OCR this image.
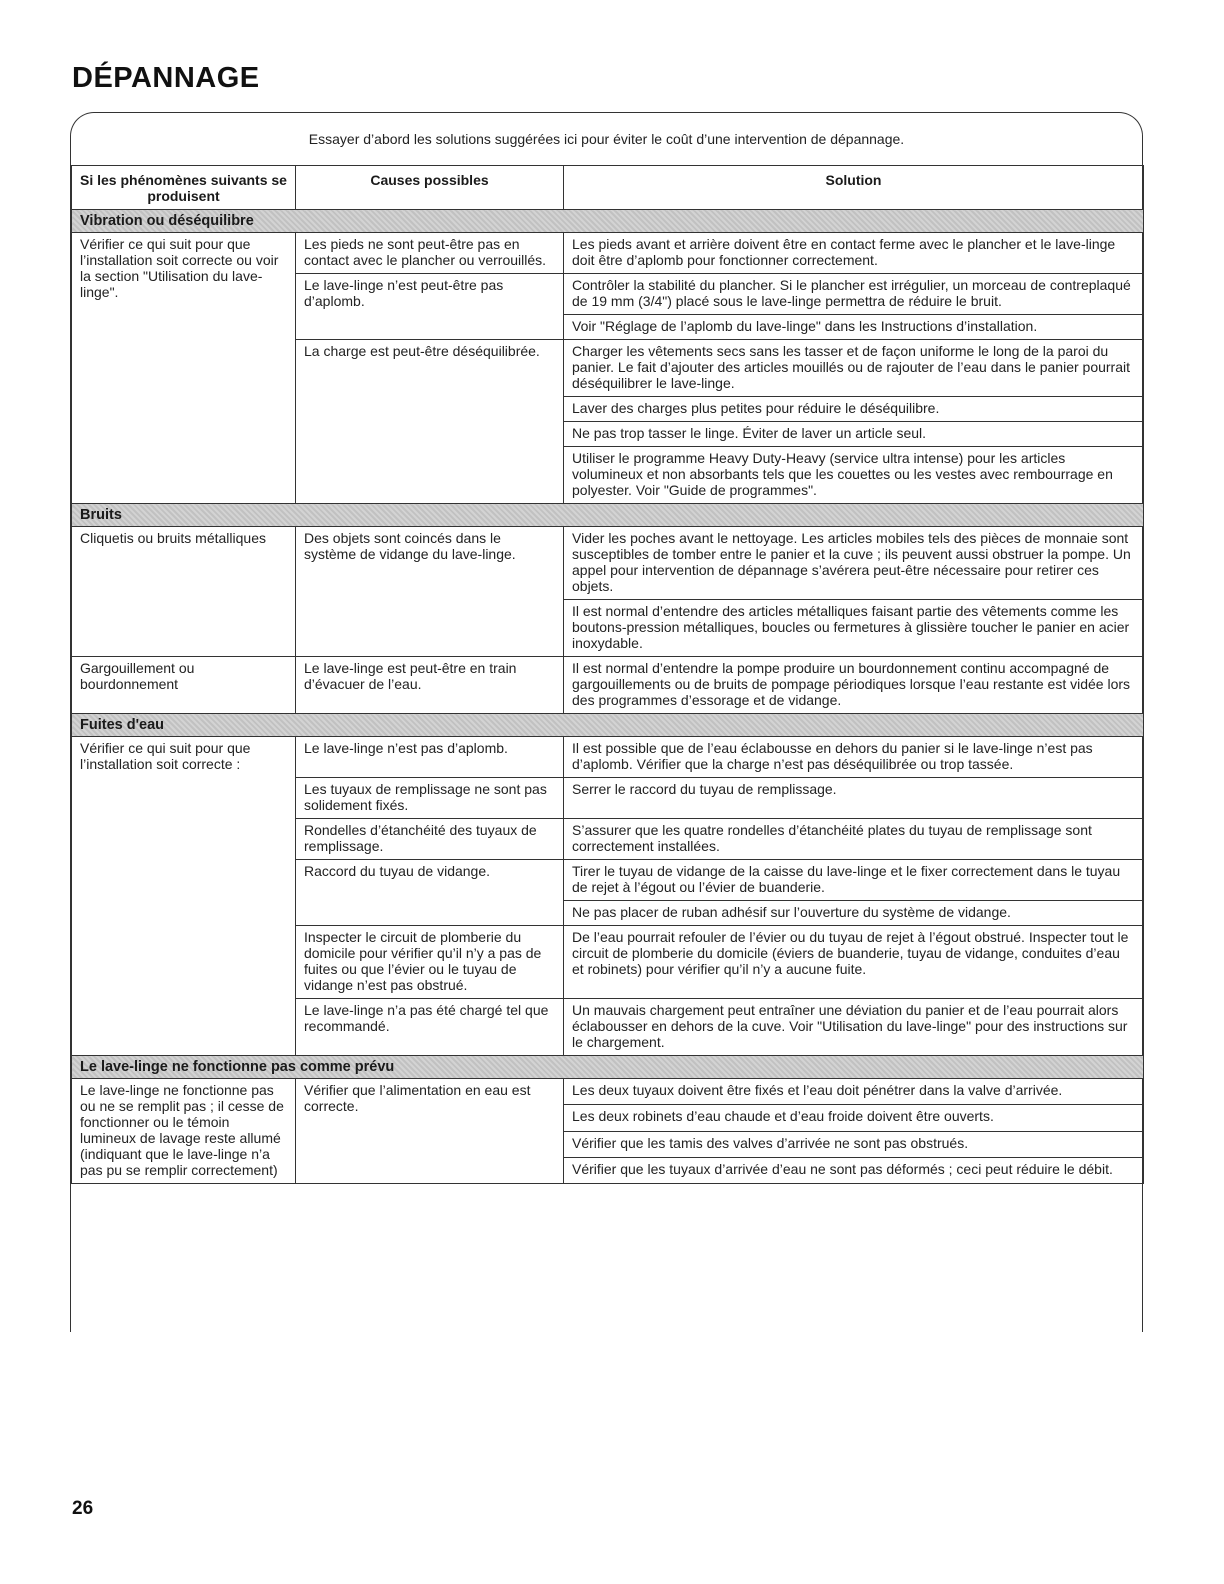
DÉPANNAGE
Essayer d’abord les solutions suggérées ici pour éviter le coût d’une intervention de dépannage.
Si les phénomènes suivants se produisent	Causes possibles	Solution
Vibration ou déséquilibre		
Vérifier ce qui suit pour que l’installation soit correcte ou voir la section "Utilisation du lave-linge".	Les pieds ne sont peut-être pas en contact avec le plancher ou verrouillés.	Les pieds avant et arrière doivent être en contact ferme avec le plancher et le lave-linge doit être d’aplomb pour fonctionner correctement.
	Le lave-linge n’est peut-être pas d’aplomb.	Contrôler la stabilité du plancher. Si le plancher est irrégulier, un morceau de contreplaqué de 19 mm (3/4") placé sous le lave-linge permettra de réduire le bruit.
		Voir "Réglage de l’aplomb du lave-linge" dans les Instructions d’installation.
	La charge est peut-être déséquilibrée.	Charger les vêtements secs sans les tasser et de façon uniforme le long de la paroi du panier. Le fait d’ajouter des articles mouillés ou de rajouter de l’eau dans le panier pourrait déséquilibrer le lave-linge.
		Laver des charges plus petites pour réduire le déséquilibre.
		Ne pas trop tasser le linge. Éviter de laver un article seul.
		Utiliser le programme Heavy Duty-Heavy (service ultra intense) pour les articles volumineux et non absorbants tels que les couettes ou les vestes avec rembourrage en polyester. Voir "Guide de programmes".
Bruits		
Cliquetis ou bruits métalliques	Des objets sont coincés dans le système de vidange du lave-linge.	Vider les poches avant le nettoyage. Les articles mobiles tels des pièces de monnaie sont susceptibles de tomber entre le panier et la cuve ; ils peuvent aussi obstruer la pompe. Un appel pour intervention de dépannage s’avérera peut-être nécessaire pour retirer ces objets.
		Il est normal d’entendre des articles métalliques faisant partie des vêtements comme les boutons-pression métalliques, boucles ou fermetures à glissière toucher le panier en acier inoxydable.
Gargouillement ou bourdonnement	Le lave-linge est peut-être en train d’évacuer de l’eau.	Il est normal d’entendre la pompe produire un bourdonnement continu accompagné de gargouillements ou de bruits de pompage périodiques lorsque l’eau restante est vidée lors des programmes d’essorage et de vidange.
Fuites d'eau		
Vérifier ce qui suit pour que l’installation soit correcte :	Le lave-linge n’est pas d’aplomb.	Il est possible que de l’eau éclabousse en dehors du panier si le lave-linge n’est pas d’aplomb. Vérifier que la charge n’est pas déséquilibrée ou trop tassée.
	Les tuyaux de remplissage ne sont pas solidement fixés.	Serrer le raccord du tuyau de remplissage.
	Rondelles d’étanchéité des tuyaux de remplissage.	S’assurer que les quatre rondelles d’étanchéité plates du tuyau de remplissage sont correctement installées.
	Raccord du tuyau de vidange.	Tirer le tuyau de vidange de la caisse du lave-linge et le fixer correctement dans le tuyau de rejet à l’égout ou l’évier de buanderie.
		Ne pas placer de ruban adhésif sur l’ouverture du système de vidange.
	Inspecter le circuit de plomberie du domicile pour vérifier qu’il n’y a pas de fuites ou que l’évier ou le tuyau de vidange n’est pas obstrué.	De l’eau pourrait refouler de l’évier ou du tuyau de rejet à l’égout obstrué. Inspecter tout le circuit de plomberie du domicile (éviers de buanderie, tuyau de vidange, conduites d’eau et robinets) pour vérifier qu’il n’y a aucune fuite.
	Le lave-linge n’a pas été chargé tel que recommandé.	Un mauvais chargement peut entraîner une déviation du panier et de l’eau pourrait alors éclabousser en dehors de la cuve. Voir "Utilisation du lave-linge" pour des instructions sur le chargement.
Le lave-linge ne fonctionne pas comme prévu		
Le lave-linge ne fonctionne pas ou ne se remplit pas ; il cesse de fonctionner ou le témoin lumineux de lavage reste allumé (indiquant que le lave-linge n’a pas pu se remplir correctement)	Vérifier que l’alimentation en eau est correcte.	Les deux tuyaux doivent être fixés et l’eau doit pénétrer dans la valve d’arrivée.
		Les deux robinets d’eau chaude et d’eau froide doivent être ouverts.
		Vérifier que les tamis des valves d’arrivée ne sont pas obstrués.
		Vérifier que les tuyaux d’arrivée d’eau ne sont pas déformés ; ceci peut réduire le débit.
26
